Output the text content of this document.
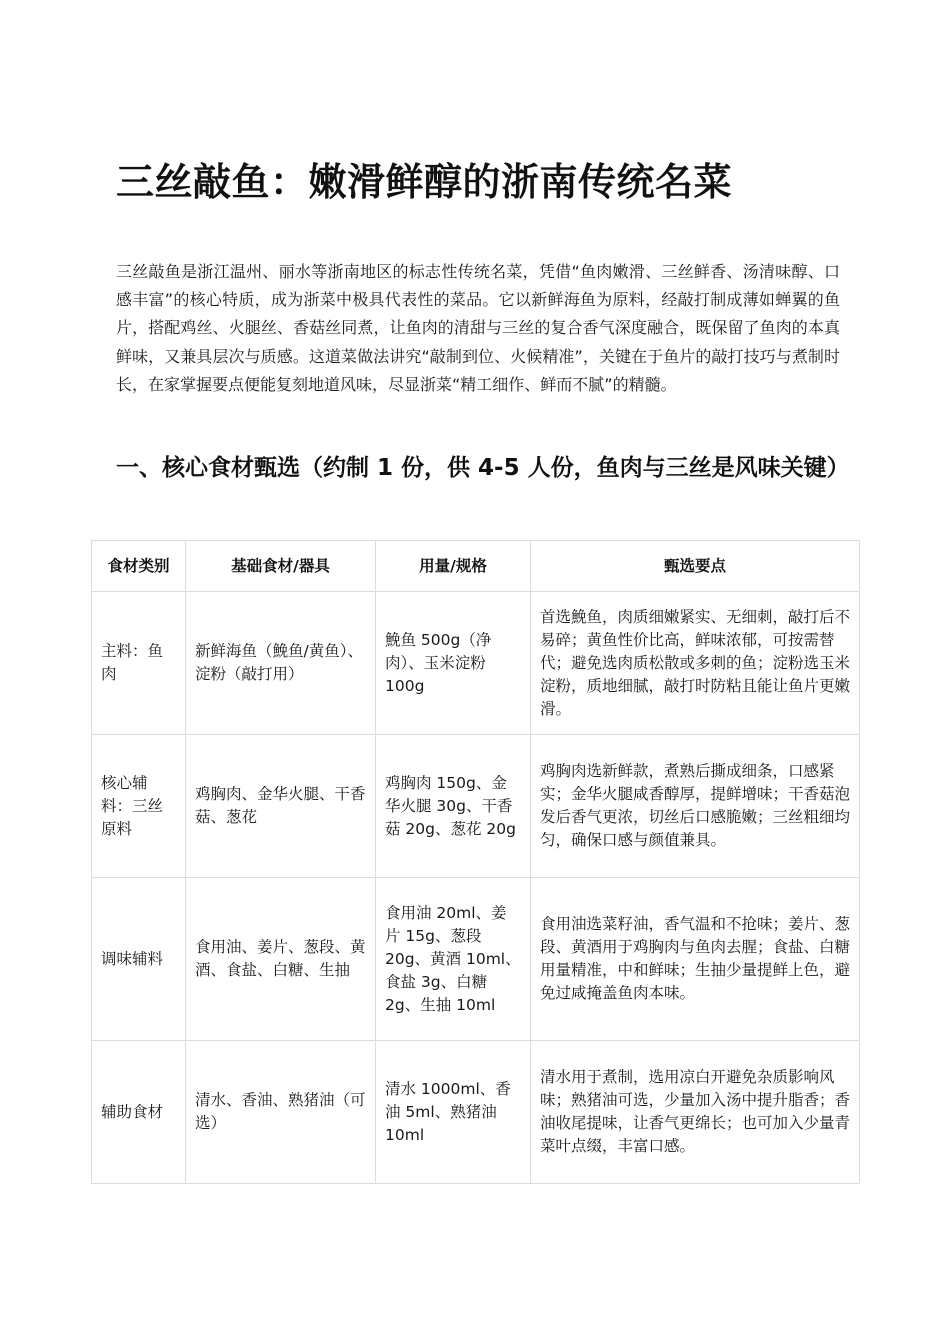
三丝敲鱼：嫩滑鲜醇的浙南传统名菜

三丝敲鱼是浙江温州、丽水等浙南地区的标志性传统名菜，凭借“鱼肉嫩滑、三丝鲜香、汤清味醇、口感丰富”的核心特质，成为浙菜中极具代表性的菜品。它以新鲜海鱼为原料，经敲打制成薄如蝉翼的鱼片，搭配鸡丝、火腿丝、香菇丝同煮，让鱼肉的清甜与三丝的复合香气深度融合，既保留了鱼肉的本真鲜味，又兼具层次与质感。这道菜做法讲究“敲制到位、火候精准”，关键在于鱼片的敲打技巧与煮制时长，在家掌握要点便能复刻地道风味，尽显浙菜“精工细作、鲜而不腻”的精髓。

一、核心食材甄选（约制 1 份，供 4-5 人份，鱼肉与三丝是风味关键）
食材类别	基础食材/器具	用量/规格	甄选要点
主料：鱼肉	新鲜海鱼（鮸鱼/黄鱼）、淀粉（敲打用）	鮸鱼 500g（净肉）、玉米淀粉 100g	首选鮸鱼，肉质细嫩紧实、无细刺，敲打后不易碎；黄鱼性价比高，鲜味浓郁，可按需替代；避免选肉质松散或多刺的鱼；淀粉选玉米淀粉，质地细腻，敲打时防粘且能让鱼片更嫩滑。
核心辅料：三丝原料	鸡胸肉、金华火腿、干香菇、葱花	鸡胸肉 150g、金华火腿 30g、干香菇 20g、葱花 20g	鸡胸肉选新鲜款，煮熟后撕成细条，口感紧实；金华火腿咸香醇厚，提鲜增味；干香菇泡发后香气更浓，切丝后口感脆嫩；三丝粗细均匀，确保口感与颜值兼具。
调味辅料	食用油、姜片、葱段、黄酒、食盐、白糖、生抽	食用油 20ml、姜片 15g、葱段 20g、黄酒 10ml、食盐 3g、白糖 2g、生抽 10ml	食用油选菜籽油，香气温和不抢味；姜片、葱段、黄酒用于鸡胸肉与鱼肉去腥；食盐、白糖用量精准，中和鲜味；生抽少量提鲜上色，避免过咸掩盖鱼肉本味。
辅助食材	清水、香油、熟猪油（可选）	清水 1000ml、香油 5ml、熟猪油 10ml	清水用于煮制，选用凉白开避免杂质影响风味；熟猪油可选，少量加入汤中提升脂香；香油收尾提味，让香气更绵长；也可加入少量青菜叶点缀，丰富口感。
